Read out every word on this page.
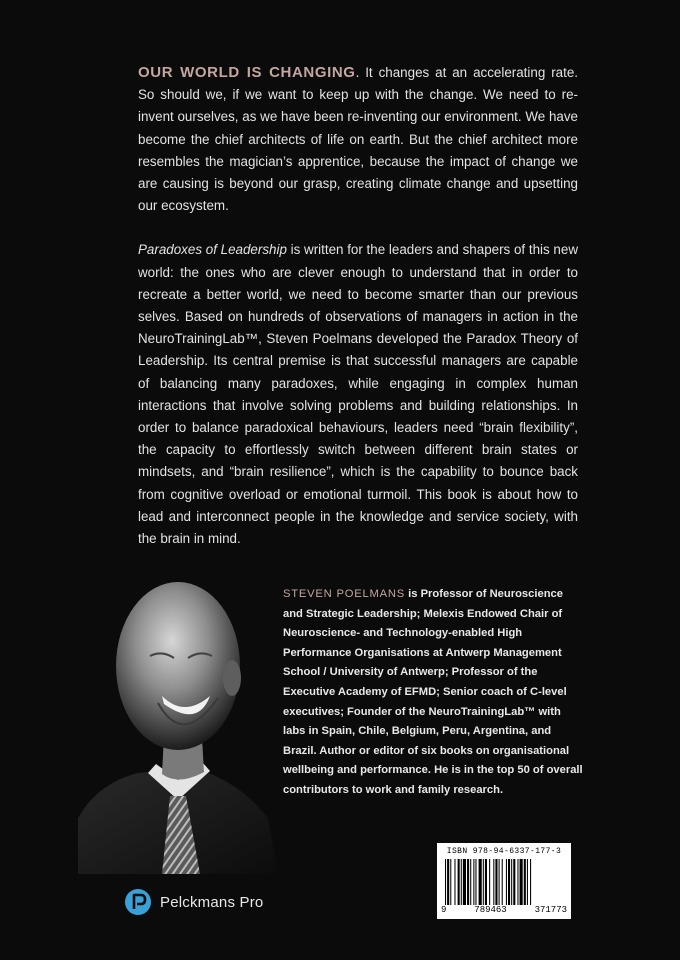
OUR WORLD IS CHANGING. It changes at an accelerating rate. So should we, if we want to keep up with the change. We need to re-invent ourselves, as we have been re-inventing our environment. We have become the chief architects of life on earth. But the chief architect more resembles the magician’s apprentice, because the impact of change we are causing is beyond our grasp, creating climate change and upsetting our ecosystem.

Paradoxes of Leadership is written for the leaders and shapers of this new world: the ones who are clever enough to understand that in order to recreate a better world, we need to become smarter than our previous selves. Based on hundreds of observations of managers in action in the NeuroTrainingLab™, Steven Poelmans developed the Paradox Theory of Leadership. Its central premise is that successful managers are capable of balancing many paradoxes, while engaging in complex human interactions that involve solving problems and building relationships. In order to balance paradoxical behaviours, leaders need “brain flexibility”, the capacity to effortlessly switch between different brain states or mindsets, and “brain resilience”, which is the capability to bounce back from cognitive overload or emotional turmoil. This book is about how to lead and interconnect people in the knowledge and service society, with the brain in mind.

STEVEN POELMANS is Professor of Neuroscience and Strategic Leadership; Melexis Endowed Chair of Neuroscience- and Technology-enabled High Performance Organisations at Antwerp Management School / University of Antwerp; Professor of the Executive Academy of EFMD; Senior coach of C-level executives; Founder of the NeuroTrainingLab™ with labs in Spain, Chile, Belgium, Peru, Argentina, and Brazil. Author or editor of six books on organisational wellbeing and performance. He is in the top 50 of overall contributors to work and family research.
ISBN 978-94-6337-177-3
9	789463	371773
Pelckmans Pro
